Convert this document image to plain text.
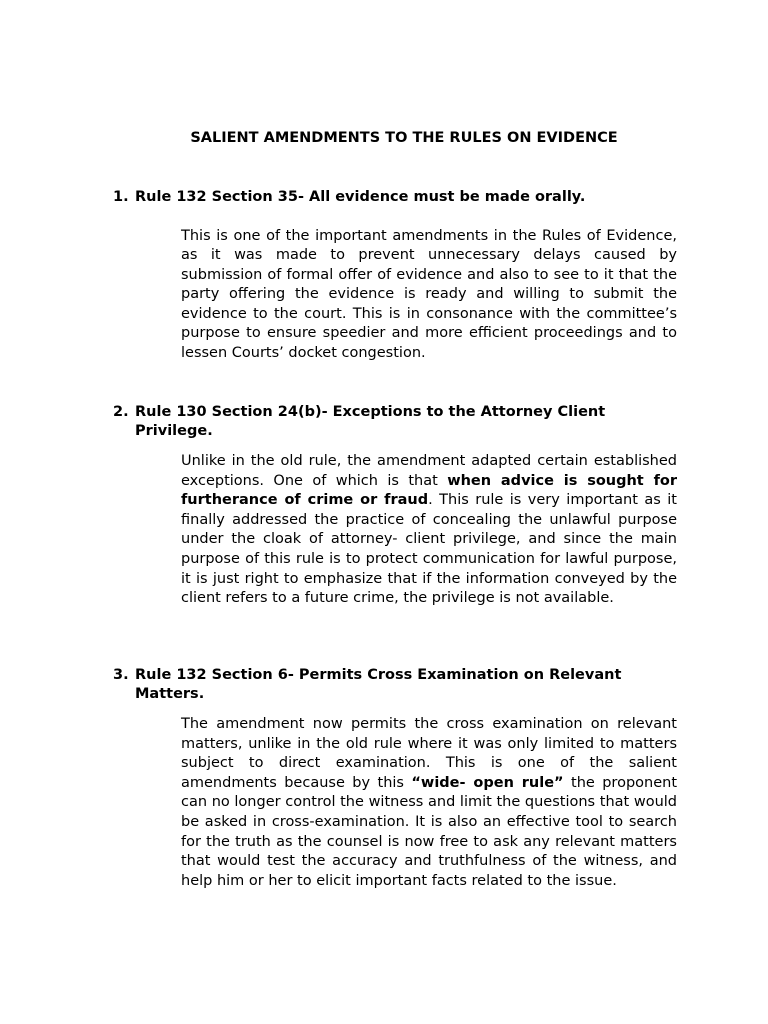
SALIENT AMENDMENTS TO THE RULES ON EVIDENCE
1. Rule 132 Section 35- All evidence must be made orally.

This is one of the important amendments in the Rules of Evidence, as it was made to prevent unnecessary delays caused by submission of formal offer of evidence and also to see to it that the party offering the evidence is ready and willing to submit the evidence to the court. This is in consonance with the committee’s purpose to ensure speedier and more efficient proceedings and to lessen Courts’ docket congestion.

2. Rule 130 Section 24(b)- Exceptions to the Attorney Client Privilege.

Unlike in the old rule, the amendment adapted certain established exceptions. One of which is that when advice is sought for furtherance of crime or fraud. This rule is very important as it finally addressed the practice of concealing the unlawful purpose under the cloak of attorney- client privilege, and since the main purpose of this rule is to protect communication for lawful purpose, it is just right to emphasize that if the information conveyed by the client refers to a future crime, the privilege is not available.

3. Rule 132 Section 6- Permits Cross Examination on Relevant Matters.

The amendment now permits the cross examination on relevant matters, unlike in the old rule where it was only limited to matters subject to direct examination. This is one of the salient amendments because by this “wide- open rule” the proponent can no longer control the witness and limit the questions that would be asked in cross-examination. It is also an effective tool to search for the truth as the counsel is now free to ask any relevant matters that would test the accuracy and truthfulness of the witness, and help him or her to elicit important facts related to the issue.
